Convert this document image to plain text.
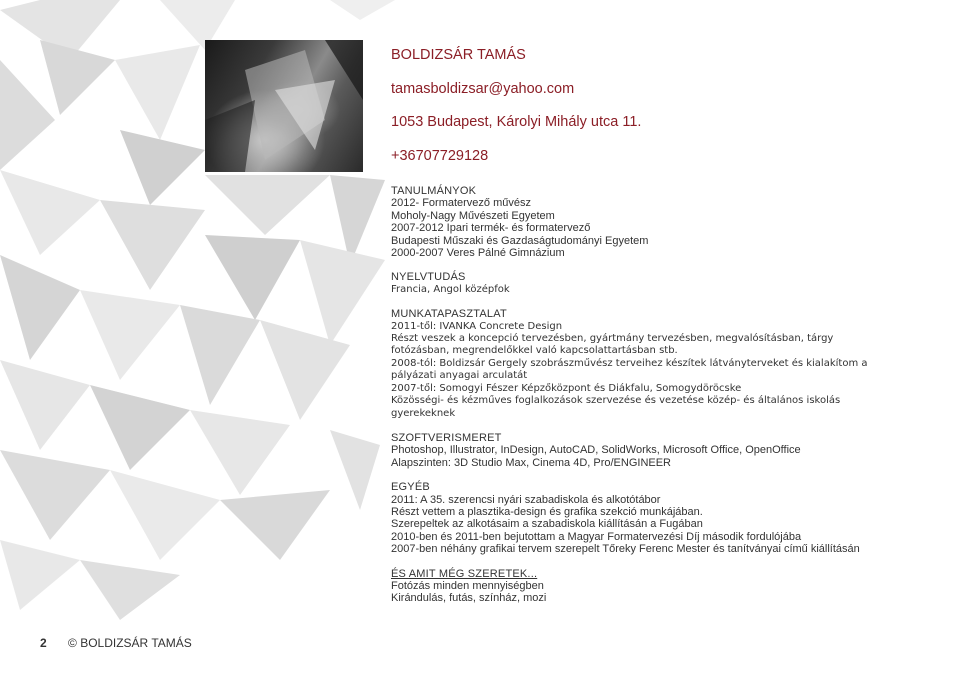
BOLDIZSÁR TAMÁS
tamasboldizsar@yahoo.com
1053 Budapest, Károlyi Mihály utca 11.
+36707729128
TANULMÁNYOK
2012- Formatervező művész
Moholy-Nagy Művészeti Egyetem
2007-2012 Ipari termék- és formatervező
Budapesti Műszaki és Gazdaságtudományi Egyetem
2000-2007 Veres Pálné Gimnázium
NYELVTUDÁS
Francia, Angol középfok
MUNKATAPASZTALAT
2011-től: IVANKA Concrete Design
Részt veszek a koncepció tervezésben, gyártmány tervezésben, megvalósításban, tárgy
fotózásban, megrendelőkkel való kapcsolattartásban stb.
2008-tól: Boldizsár Gergely szobrászművész terveihez készítek látványterveket és kialakítom a
pályázati anyagai arculatát
2007-től: Somogyi Fészer Képzőközpont és Diákfalu, Somogydöröcske
Közösségi- és kézműves foglalkozások szervezése és vezetése közép- és általános iskolás
gyerekeknek
SZOFTVERISMERET
Photoshop, Illustrator, InDesign, AutoCAD, SolidWorks, Microsoft Office, OpenOffice
Alapszinten: 3D Studio Max, Cinema 4D, Pro/ENGINEER
EGYÉB
2011: A 35. szerencsi nyári szabadiskola és alkotótábor
Részt vettem a plasztika-design és grafika szekció munkájában.
Szerepeltek az alkotásaim a szabadiskola kiállításán a Fugában
2010-ben és 2011-ben bejutottam a Magyar Formatervezési Díj második fordulójába
2007-ben néhány grafikai tervem szerepelt Tőreky Ferenc Mester és tanítványai című kiállításán
ÉS AMIT MÉG SZERETEK...
Fotózás minden mennyiségben
Kirándulás, futás, színház, mozi
2 © BOLDIZSÁR TAMÁS
